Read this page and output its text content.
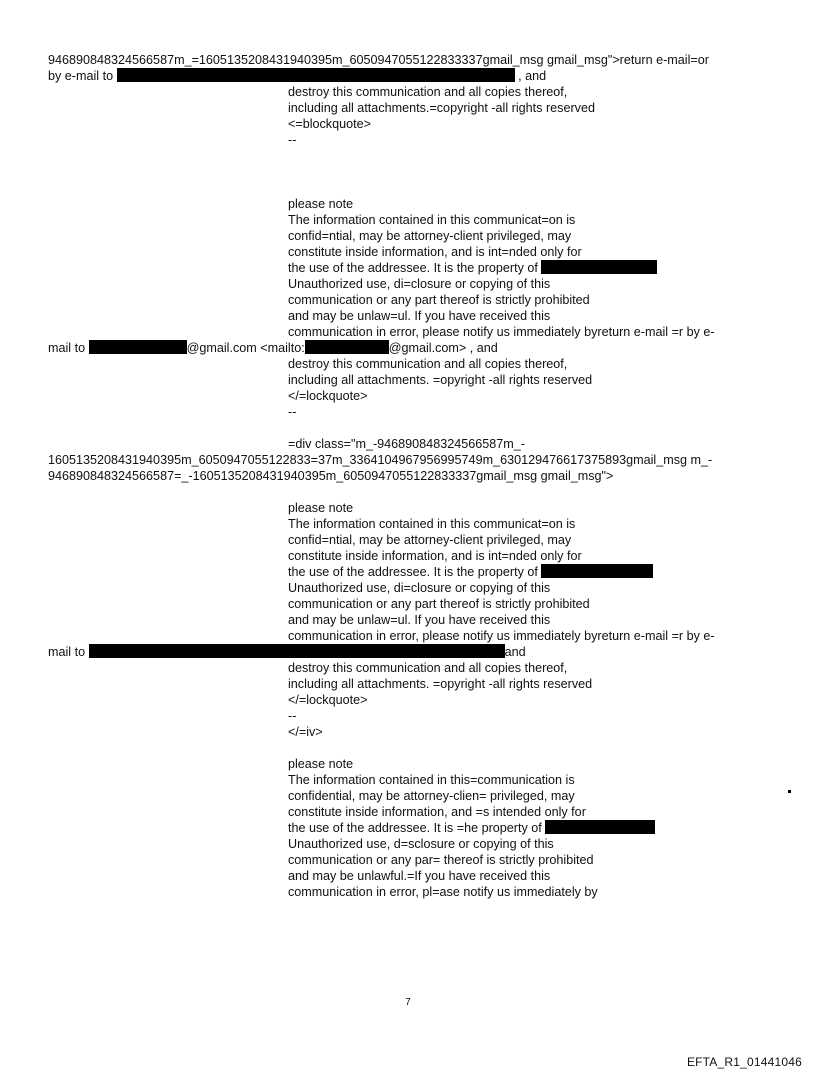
946890848324566587m_=1605135208431940395m_6050947055122833337gmail_msg gmail_msg">return e-mail=or
by e-mail to	, and
destroy this communication and all copies thereof,
including all attachments.=copyright -all rights reserved
<=blockquote>
--
please note
The information contained in this communicat=on is
confid=ntial, may be attorney-client privileged, may
constitute inside information, and is int=nded only for
the use of the addressee. It is the property of
Unauthorized use, di=closure or copying of this
communication or any part thereof is strictly prohibited
and may be unlaw=ul. If you have received this
communication in error, please notify us immediately byreturn e-mail =r by e-
mail to	@gmail.com <mailto:	@gmail.com> , and
destroy this communication and all copies thereof,
including all attachments. =opyright -all rights reserved
</=lockquote>
--
=div class="m_-946890848324566587m_-
1605135208431940395m_6050947055122833=37m_3364104967956995749m_630129476617375893gmail_msg m_-
946890848324566587=_-1605135208431940395m_6050947055122833337gmail_msg gmail_msg">
please note
The information contained in this communicat=on is
confid=ntial, may be attorney-client privileged, may
constitute inside information, and is int=nded only for
the use of the addressee. It is the property of
Unauthorized use, di=closure or copying of this
communication or any part thereof is strictly prohibited
and may be unlaw=ul. If you have received this
communication in error, please notify us immediately byreturn e-mail =r by e-
mail to	and
destroy this communication and all copies thereof,
including all attachments. =opyright -all rights reserved
</=lockquote>
--
</=iv>
please note
The information contained in this=communication is
confidential, may be attorney-clien= privileged, may
constitute inside information, and =s intended only for
the use of the addressee. It is =he property of
Unauthorized use, d=sclosure or copying of this
communication or any par= thereof is strictly prohibited
and may be unlawful.=If you have received this
communication in error, pl=ase notify us immediately by
7
EFTA_R1_01441046
